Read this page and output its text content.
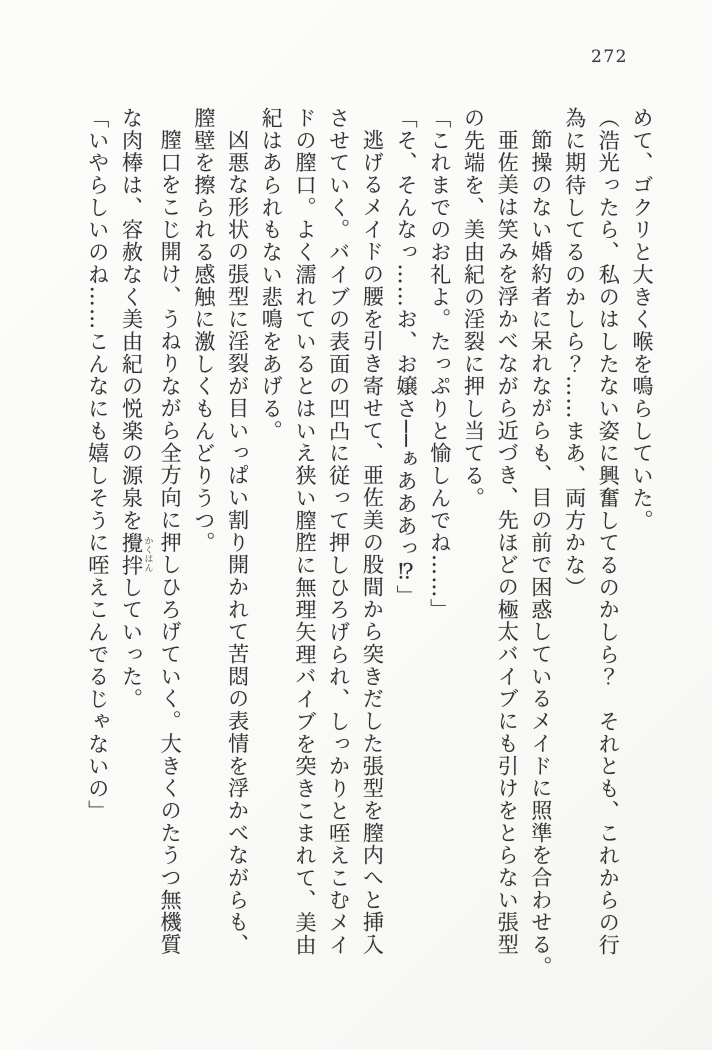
272

めて、ゴクリと大きく喉を鳴らしていた。

（浩光ったら、私のはしたない姿に興奮してるのかしら？　それとも、これからの行

為に期待してるのかしら？……まあ、両方かな）

節操のない婚約者に呆れながらも、目の前で困惑しているメイドに照準を合わせる。

亜佐美は笑みを浮かべながら近づき、先ほどの極太バイブにも引けをとらない張型

の先端を、美由紀の淫裂に押し当てる。

「これまでのお礼よ。たっぷりと愉しんでね……」

「そ、そんなっ……お、お嬢さ──ぁあああっ⁉」

逃げるメイドの腰を引き寄せて、亜佐美の股間から突きだした張型を膣内へと挿入

させていく。バイブの表面の凹凸に従って押しひろげられ、しっかりと咥えこむメイ

ドの膣口。よく濡れているとはいえ狭い膣腔に無理矢理バイブを突きこまれて、美由

紀はあられもない悲鳴をあげる。

凶悪な形状の張型に淫裂が目いっぱい割り開かれて苦悶の表情を浮かべながらも、

膣壁を擦られる感触に激しくもんどりうつ。

膣口をこじ開け、うねりながら全方向に押しひろげていく。大きくのたうつ無機質

な肉棒は、容赦なく美由紀の悦楽の源泉を攪拌 かくはんしていった。

「いやらしいのね……こんなにも嬉しそうに咥えこんでるじゃないの」
